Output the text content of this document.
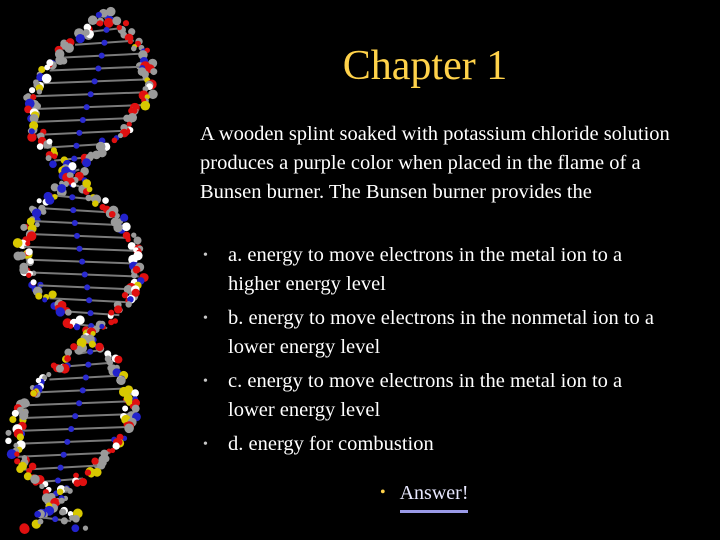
Chapter 1

A wooden splint soaked with potassium chloride solution produces a purple color when placed in the flame of a Bunsen burner. The Bunsen burner provides the

• a. energy to move electrons in the metal ion to a higher energy level
• b. energy to move electrons in the nonmetal ion to a lower energy level
• c. energy to move electrons in the metal ion to a lower energy level
• d. energy for combustion
• Answer!
